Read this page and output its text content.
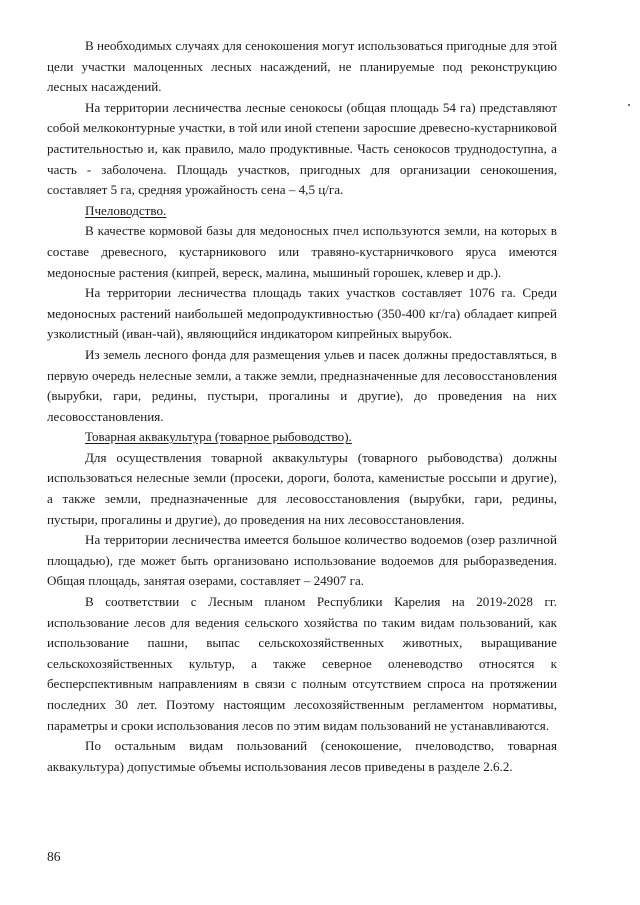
В необходимых случаях для сенокошения могут использоваться пригодные для этой цели участки малоценных лесных насаждений, не планируемые под реконструкцию лесных насаждений.

На территории лесничества лесные сенокосы (общая площадь 54 га) представляют собой мелкоконтурные участки, в той или иной степени заросшие древесно-кустарниковой растительностью и, как правило, мало продуктивные. Часть сенокосов труднодоступна, а часть - заболочена. Площадь участков, пригодных для организации сенокошения, составляет 5 га, средняя урожайность сена – 4,5 ц/га.

Пчеловодство.

В качестве кормовой базы для медоносных пчел используются земли, на которых в составе древесного, кустарникового или травяно-кустарничкового яруса имеются медоносные растения (кипрей, вереск, малина, мышиный горошек, клевер и др.).

На территории лесничества площадь таких участков составляет 1076 га. Среди медоносных растений наибольшей медопродуктивностью (350-400 кг/га) обладает кипрей узколистный (иван-чай), являющийся индикатором кипрейных вырубок.

Из земель лесного фонда для размещения ульев и пасек должны предоставляться, в первую очередь нелесные земли, а также земли, предназначенные для лесовосстановления (вырубки, гари, редины, пустыри, прогалины и другие), до проведения на них лесовосстановления.

Товарная аквакультура (товарное рыбоводство).

Для осуществления товарной аквакультуры (товарного рыбоводства) должны использоваться нелесные земли (просеки, дороги, болота, каменистые россыпи и другие), а также земли, предназначенные для лесовосстановления (вырубки, гари, редины, пустыри, прогалины и другие), до проведения на них лесовосстановления.

На территории лесничества имеется большое количество водоемов (озер различной площадью), где может быть организовано использование водоемов для рыборазведения. Общая площадь, занятая озерами, составляет – 24907 га.

В соответствии с Лесным планом Республики Карелия на 2019-2028 гг. использование лесов для ведения сельского хозяйства по таким видам пользований, как использование пашни, выпас сельскохозяйственных животных, выращивание сельскохозяйственных культур, а также северное оленеводство относятся к бесперспективным направлениям в связи с полным отсутствием спроса на протяжении последних 30 лет. Поэтому настоящим лесохозяйственным регламентом нормативы, параметры и сроки использования лесов по этим видам пользований не устанавливаются.

По остальным видам пользований (сенокошение, пчеловодство, товарная аквакультура) допустимые объемы использования лесов приведены в разделе 2.6.2.

86
